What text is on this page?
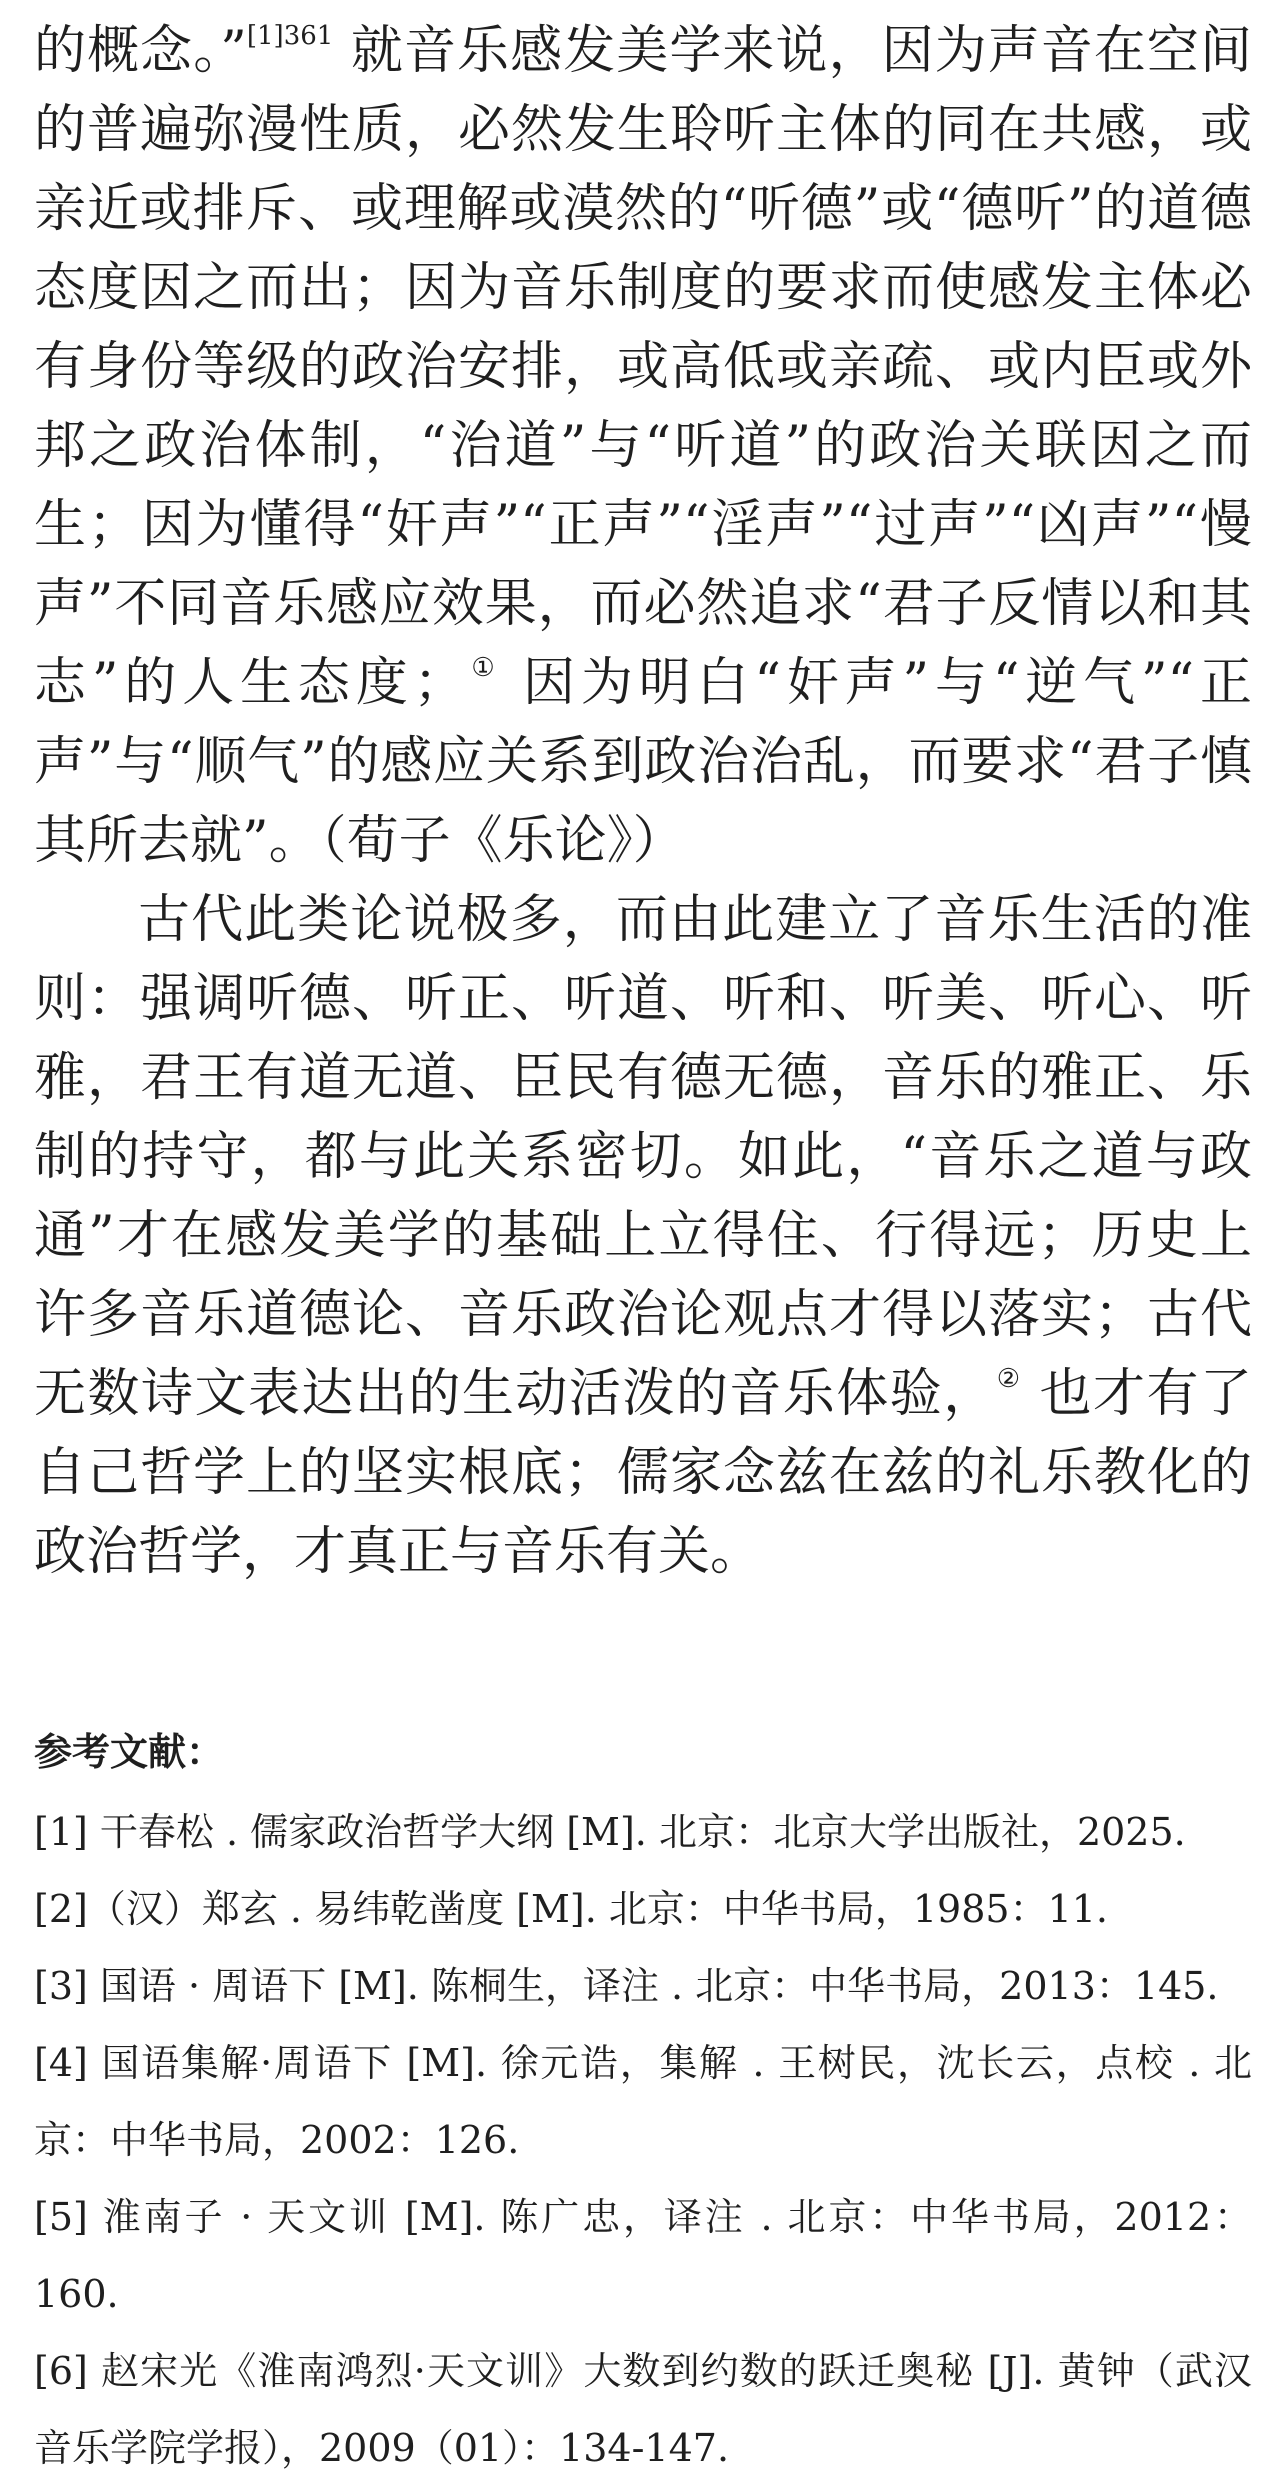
的概念。”$^{[1]361}$ 就音乐感发美学来说，因为声音在空间的普遍弥漫性质，必然发生聆听主体的同在共感，或亲近或排斥、或理解或漠然的“听德”或“德听”的道德态度因之而出；因为音乐制度的要求而使感发主体必有身份等级的政治安排，或高低或亲疏、或内臣或外邦之政治体制，“治道”与“听道”的政治关联因之而生；因为懂得“奸声”“正声”“淫声”“过声”“凶声”“慢声”不同音乐感应效果，而必然追求“君子反情以和其志”的人生态度；① 因为明白“奸声”与“逆气”“正声”与“顺气”的感应关系到政治治乱，而要求“君子慎其所去就”。（荀子《乐论》）

古代此类论说极多，而由此建立了音乐生活的准则：强调听德、听正、听道、听和、听美、听心、听雅，君王有道无道、臣民有德无德，音乐的雅正、乐制的持守，都与此关系密切。如此，“音乐之道与政通”才在感发美学的基础上立得住、行得远；历史上许多音乐道德论、音乐政治论观点才得以落实；古代无数诗文表达出的生动活泼的音乐体验，② 也才有了自己哲学上的坚实根底；儒家念兹在兹的礼乐教化的政治哲学，才真正与音乐有关。

参考文献：

[1] 干春松 . 儒家政治哲学大纲 [M]. 北京：北京大学出版社，2025.

[2]（汉）郑玄 . 易纬乾凿度 [M]. 北京：中华书局，1985：11.

[3] 国语 · 周语下 [M]. 陈桐生，译注 . 北京：中华书局，2013：145.

[4] 国语集解·周语下 [M]. 徐元诰，集解 . 王树民，沈长云，点校 . 北京：中华书局，2002：126.

[5] 淮南子 · 天文训 [M]. 陈广忠，译注 . 北京：中华书局，2012：160.

[6] 赵宋光《淮南鸿烈·天文训》大数到约数的跃迁奥秘 [J]. 黄钟（武汉音乐学院学报），2009（01）：134-147.
